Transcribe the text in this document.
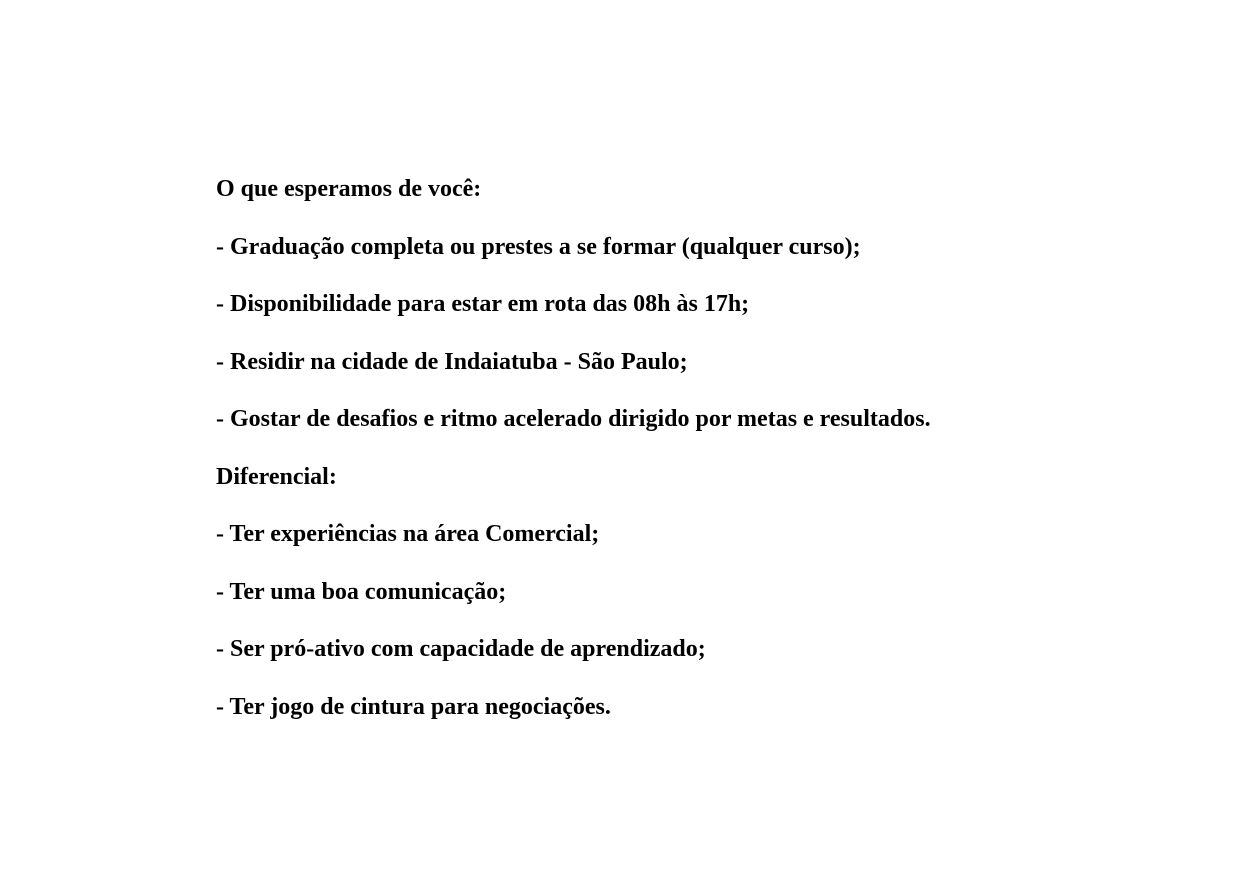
O que esperamos de você:
- Graduação completa ou prestes a se formar (qualquer curso);
- Disponibilidade para estar em rota das 08h às 17h;
- Residir na cidade de Indaiatuba - São Paulo;
- Gostar de desafios e ritmo acelerado dirigido por metas e resultados.
Diferencial:
- Ter experiências na área Comercial;
- Ter uma boa comunicação;
- Ser pró-ativo com capacidade de aprendizado;
- Ter jogo de cintura para negociações.
